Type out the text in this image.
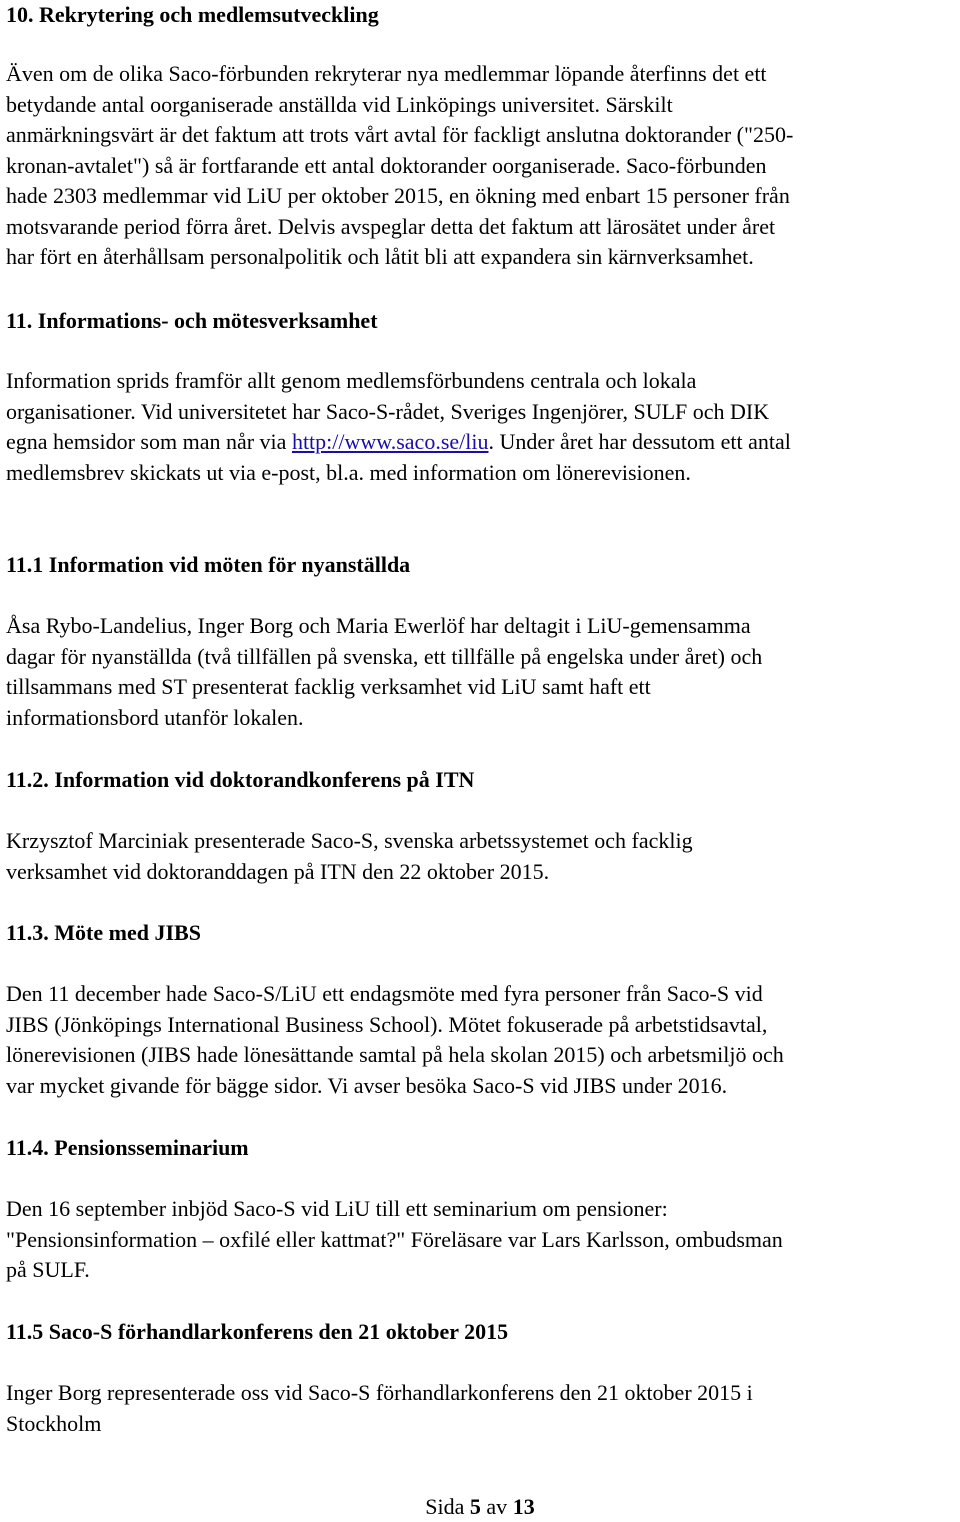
10. Rekrytering och medlemsutveckling

Även om de olika Saco-förbunden rekryterar nya medlemmar löpande återfinns det ett
betydande antal oorganiserade anställda vid Linköpings universitet. Särskilt
anmärkningsvärt är det faktum att trots vårt avtal för fackligt anslutna doktorander ("250-
kronan-avtalet") så är fortfarande ett antal doktorander oorganiserade. Saco-förbunden
hade 2303 medlemmar vid LiU per oktober 2015, en ökning med enbart 15 personer från
motsvarande period förra året. Delvis avspeglar detta det faktum att lärosätet under året
har fört en återhållsam personalpolitik och låtit bli att expandera sin kärnverksamhet.

11. Informations- och mötesverksamhet

Information sprids framför allt genom medlemsförbundens centrala och lokala
organisationer. Vid universitetet har Saco-S-rådet, Sveriges Ingenjörer, SULF och DIK
egna hemsidor som man når via http://www.saco.se/liu. Under året har dessutom ett antal
medlemsbrev skickats ut via e-post, bl.a. med information om lönerevisionen.

11.1 Information vid möten för nyanställda

Åsa Rybo-Landelius, Inger Borg och Maria Ewerlöf har deltagit i LiU-gemensamma
dagar för nyanställda (två tillfällen på svenska, ett tillfälle på engelska under året) och
tillsammans med ST presenterat facklig verksamhet vid LiU samt haft ett
informationsbord utanför lokalen.

11.2. Information vid doktorandkonferens på ITN

Krzysztof Marciniak presenterade Saco-S, svenska arbetssystemet och facklig
verksamhet vid doktoranddagen på ITN den 22 oktober 2015.

11.3. Möte med JIBS

Den 11 december hade Saco-S/LiU ett endagsmöte med fyra personer från Saco-S vid
JIBS (Jönköpings International Business School). Mötet fokuserade på arbetstidsavtal,
lönerevisionen (JIBS hade lönesättande samtal på hela skolan 2015) och arbetsmiljö och
var mycket givande för bägge sidor. Vi avser besöka Saco-S vid JIBS under 2016.

11.4. Pensionsseminarium

Den 16 september inbjöd Saco-S vid LiU till ett seminarium om pensioner:
"Pensionsinformation – oxfilé eller kattmat?" Föreläsare var Lars Karlsson, ombudsman
på SULF.

11.5 Saco-S förhandlarkonferens den 21 oktober 2015

Inger Borg representerade oss vid Saco-S förhandlarkonferens den 21 oktober 2015 i
Stockholm

Sida 5 av 13
